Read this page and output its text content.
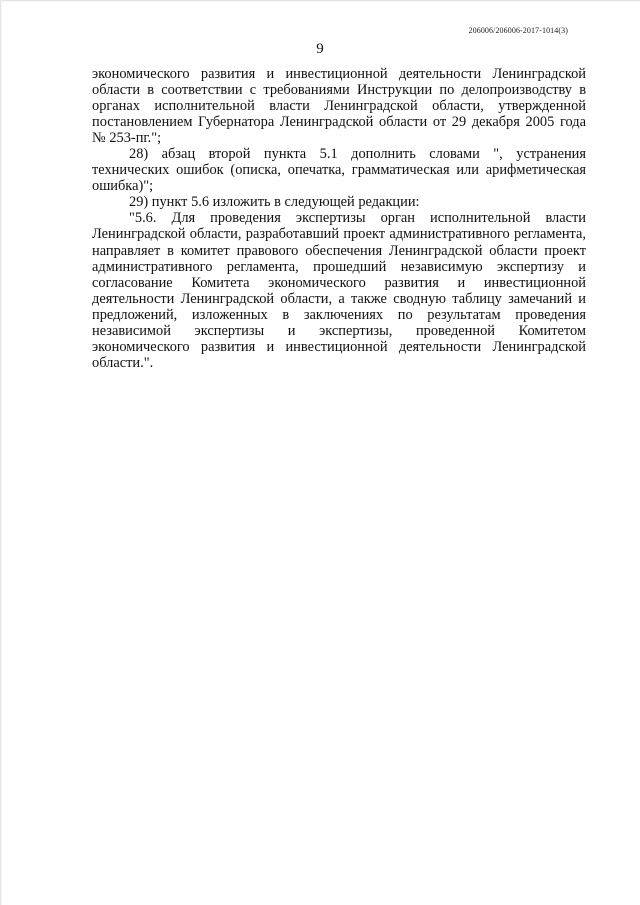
206006/206006-2017-1014(3)
9

экономического развития и инвестиционной деятельности Ленинградской области в соответствии с требованиями Инструкции по делопроизводству в органах исполнительной власти Ленинградской области, утвержденной постановлением Губернатора Ленинградской области от 29 декабря 2005 года № 253-пг.";

28) абзац второй пункта 5.1 дополнить словами ", устранения технических ошибок (описка, опечатка, грамматическая или арифметическая ошибка)";

29) пункт 5.6 изложить в следующей редакции:

"5.6. Для проведения экспертизы орган исполнительной власти Ленинградской области, разработавший проект административного регламента, направляет в комитет правового обеспечения Ленинградской области проект административного регламента, прошедший независимую экспертизу и согласование Комитета экономического развития и инвестиционной деятельности Ленинградской области, а также сводную таблицу замечаний и предложений, изложенных в заключениях по результатам проведения независимой экспертизы и экспертизы, проведенной Комитетом экономического развития и инвестиционной деятельности Ленинградской области.".
